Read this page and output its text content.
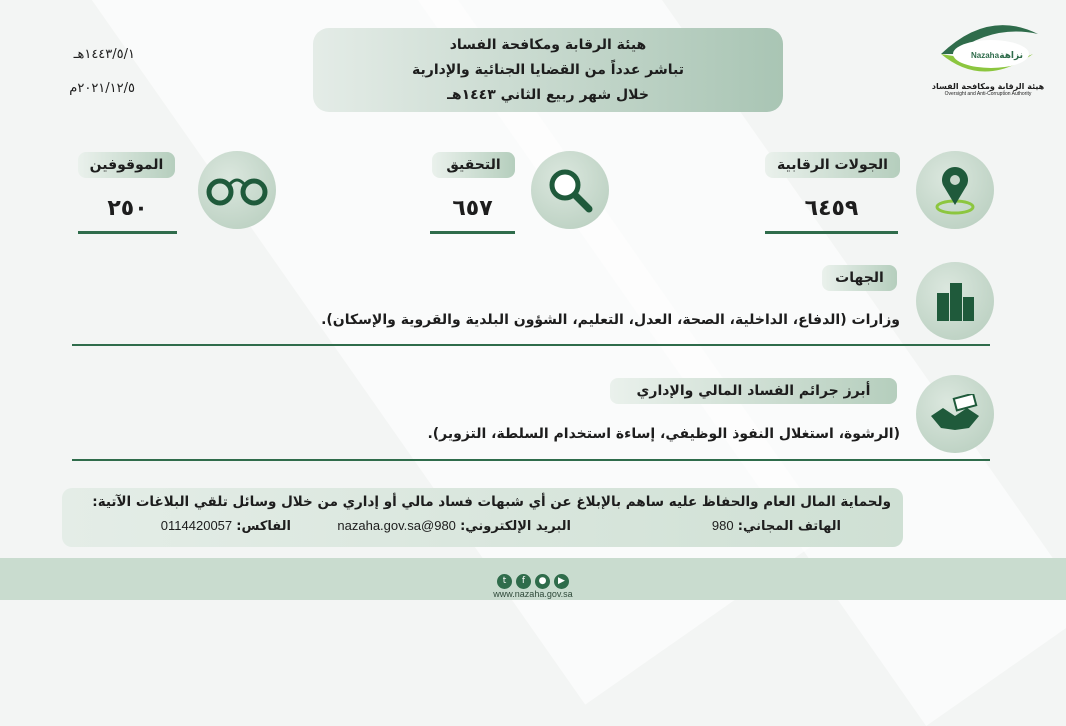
١٤٤٣/٥/١هـ
٢٠٢١/١٢/٥م
هيئة الرقابة ومكافحة الفساد
تباشر عدداً من القضايا الجنائية والإدارية
خلال شهر ربيع الثاني ١٤٤٣هـ
Nazaha نزاهة
هيئة الرقابة ومكافحة الفساد
Oversight and Anti-Corruption Authority
الجولات الرقابية
٦٤٥٩
التحقيق
٦٥٧
الموقوفين
٢٥٠
الجهات
وزارات (الدفاع، الداخلية، الصحة، العدل، التعليم، الشؤون البلدية والقروية والإسكان).
أبرز جرائم الفساد المالي والإداري
(الرشوة، استغلال النفوذ الوظيفي، إساءة استخدام السلطة، التزوير).
ولحماية المال العام والحفاظ عليه ساهم بالإبلاغ عن أي شبهات فساد مالي أو إداري من خلال وسائل تلقي البلاغات الآتية:
الهاتف المجاني: 980
البريد الإلكتروني: 980@nazaha.gov.sa
الفاكس: 0114420057
t f ● ▶
www.nazaha.gov.sa
